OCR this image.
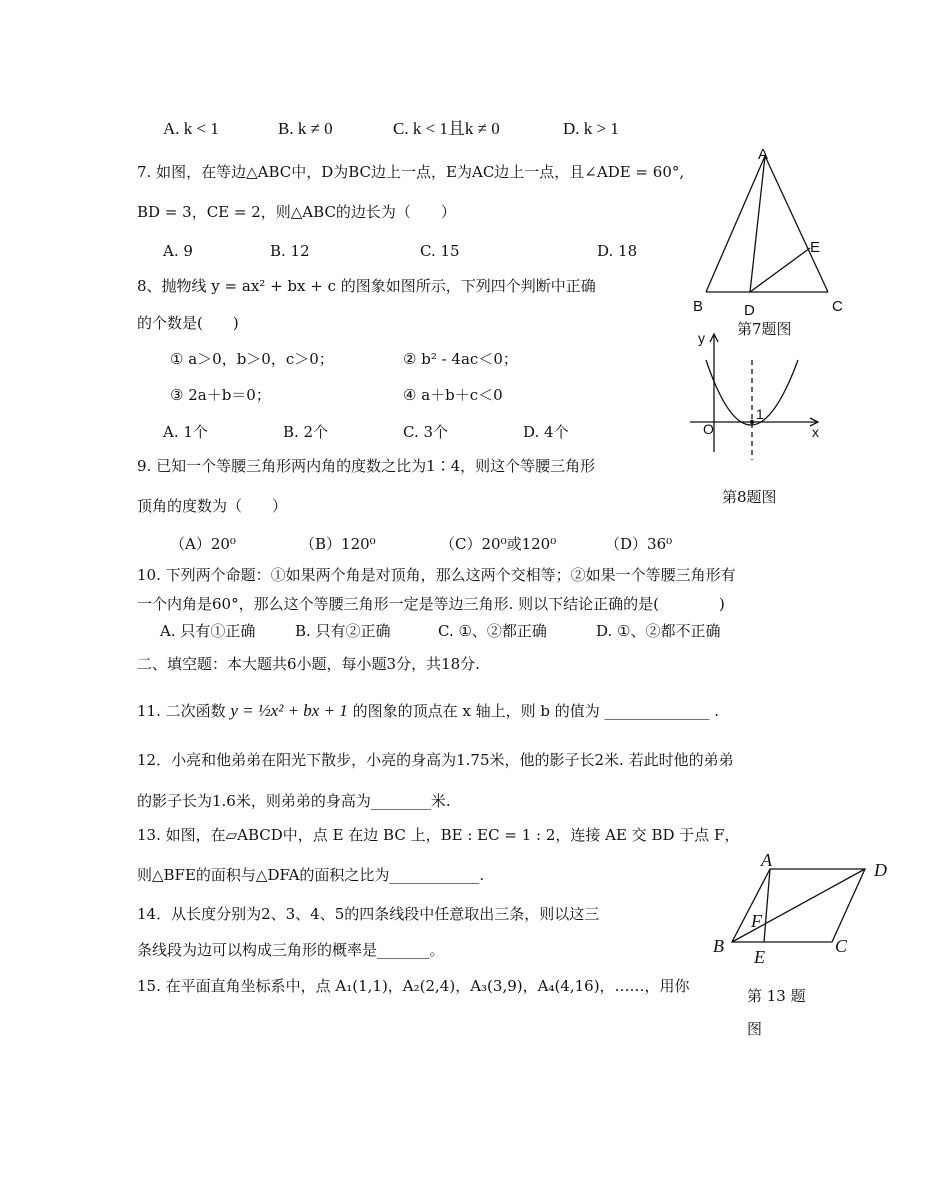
A. k < 1	B. k ≠ 0	C. k < 1且k ≠ 0	D. k > 1
7. 如图，在等边△ABC中，D为BC边上一点，E为AC边上一点，且∠ADE = 60°,
BD = 3，CE = 2，则△ABC的边长为（　　）
A. 9	B. 12	C. 15	D. 18
A
B	C
D
E
第7题图
8、抛物线 y = ax² + bx + c 的图象如图所示，下列四个判断中正确
的个数是(　　)
① a＞0，b＞0，c＞0；	② b² - 4ac＜0；
③ 2a＋b＝0；	④ a＋b＋c＜0
A. 1个	B. 2个	C. 3个	D. 4个
y
x
O
1
第8题图
9. 已知一个等腰三角形两内角的度数之比为1∶4，则这个等腰三角形
顶角的度数为（　　）
（A）20⁰	（B）120⁰	（C）20⁰或120⁰	（D）36⁰
10. 下列两个命题：①如果两个角是对顶角，那么这两个交相等；②如果一个等腰三角形有
一个内角是60°，那么这个等腰三角形一定是等边三角形. 则以下结论正确的是(　　　　)
A. 只有①正确	B. 只有②正确	C. ①、②都正确	D. ①、②都不正确
二、填空题：本大题共6小题，每小题3分，共18分.
11. 二次函数 y = ½x² + bx + 1 的图象的顶点在 x 轴上，则 b 的值为 ______________ .
12．小亮和他弟弟在阳光下散步，小亮的身高为1.75米，他的影子长2米. 若此时他的弟弟
的影子长为1.6米，则弟弟的身高为________米.
13. 如图，在▱ABCD中，点 E 在边 BC 上，BE : EC = 1 : 2，连接 AE 交 BD 于点 F，
则△BFE的面积与△DFA的面积之比为____________.
A	D
B	C
F
E
第 13 题
图
14．从长度分别为2、3、4、5的四条线段中任意取出三条，则以这三
条线段为边可以构成三角形的概率是_______。
15. 在平面直角坐标系中，点 A₁(1,1)，A₂(2,4)，A₃(3,9)，A₄(4,16)，……，用你
